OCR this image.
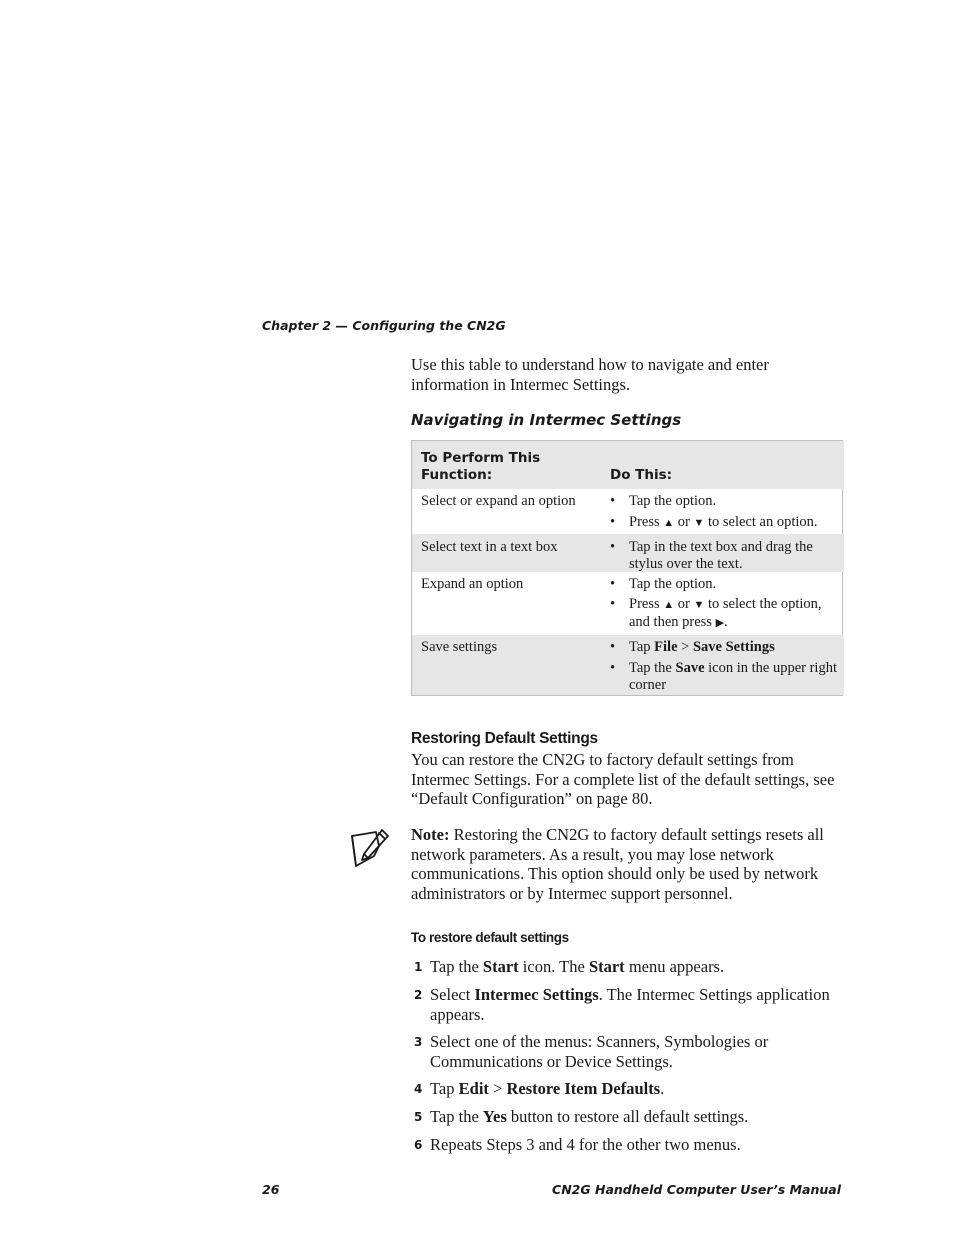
Chapter 2 — Configuring the CN2G
Use this table to understand how to navigate and enter information in Intermec Settings.
Navigating in Intermec Settings
To Perform This Function:	Do This:
Select or expand an option • Tap the option.
• Press ▲ or ▼ to select an option.
Select text in a text box	• Tap in the text box and drag the stylus over the text.
Expand an option	• Tap the option.
• Press ▲ or ▼ to select the option, and then press ▶.
Save settings	• Tap File > Save Settings
• Tap the Save icon in the upper right corner
Restoring Default Settings
You can restore the CN2G to factory default settings from Intermec Settings. For a complete list of the default settings, see “Default Configuration” on page 80.
Note: Restoring the CN2G to factory default settings resets all network parameters. As a result, you may lose network communications. This option should only be used by network administrators or by Intermec support personnel.
To restore default settings
1 Tap the Start icon. The Start menu appears.
2 Select Intermec Settings. The Intermec Settings application appears.
3 Select one of the menus: Scanners, Symbologies or Communications or Device Settings.
4 Tap Edit > Restore Item Defaults.
5 Tap the Yes button to restore all default settings.
6 Repeats Steps 3 and 4 for the other two menus.
26	CN2G Handheld Computer User’s Manual
